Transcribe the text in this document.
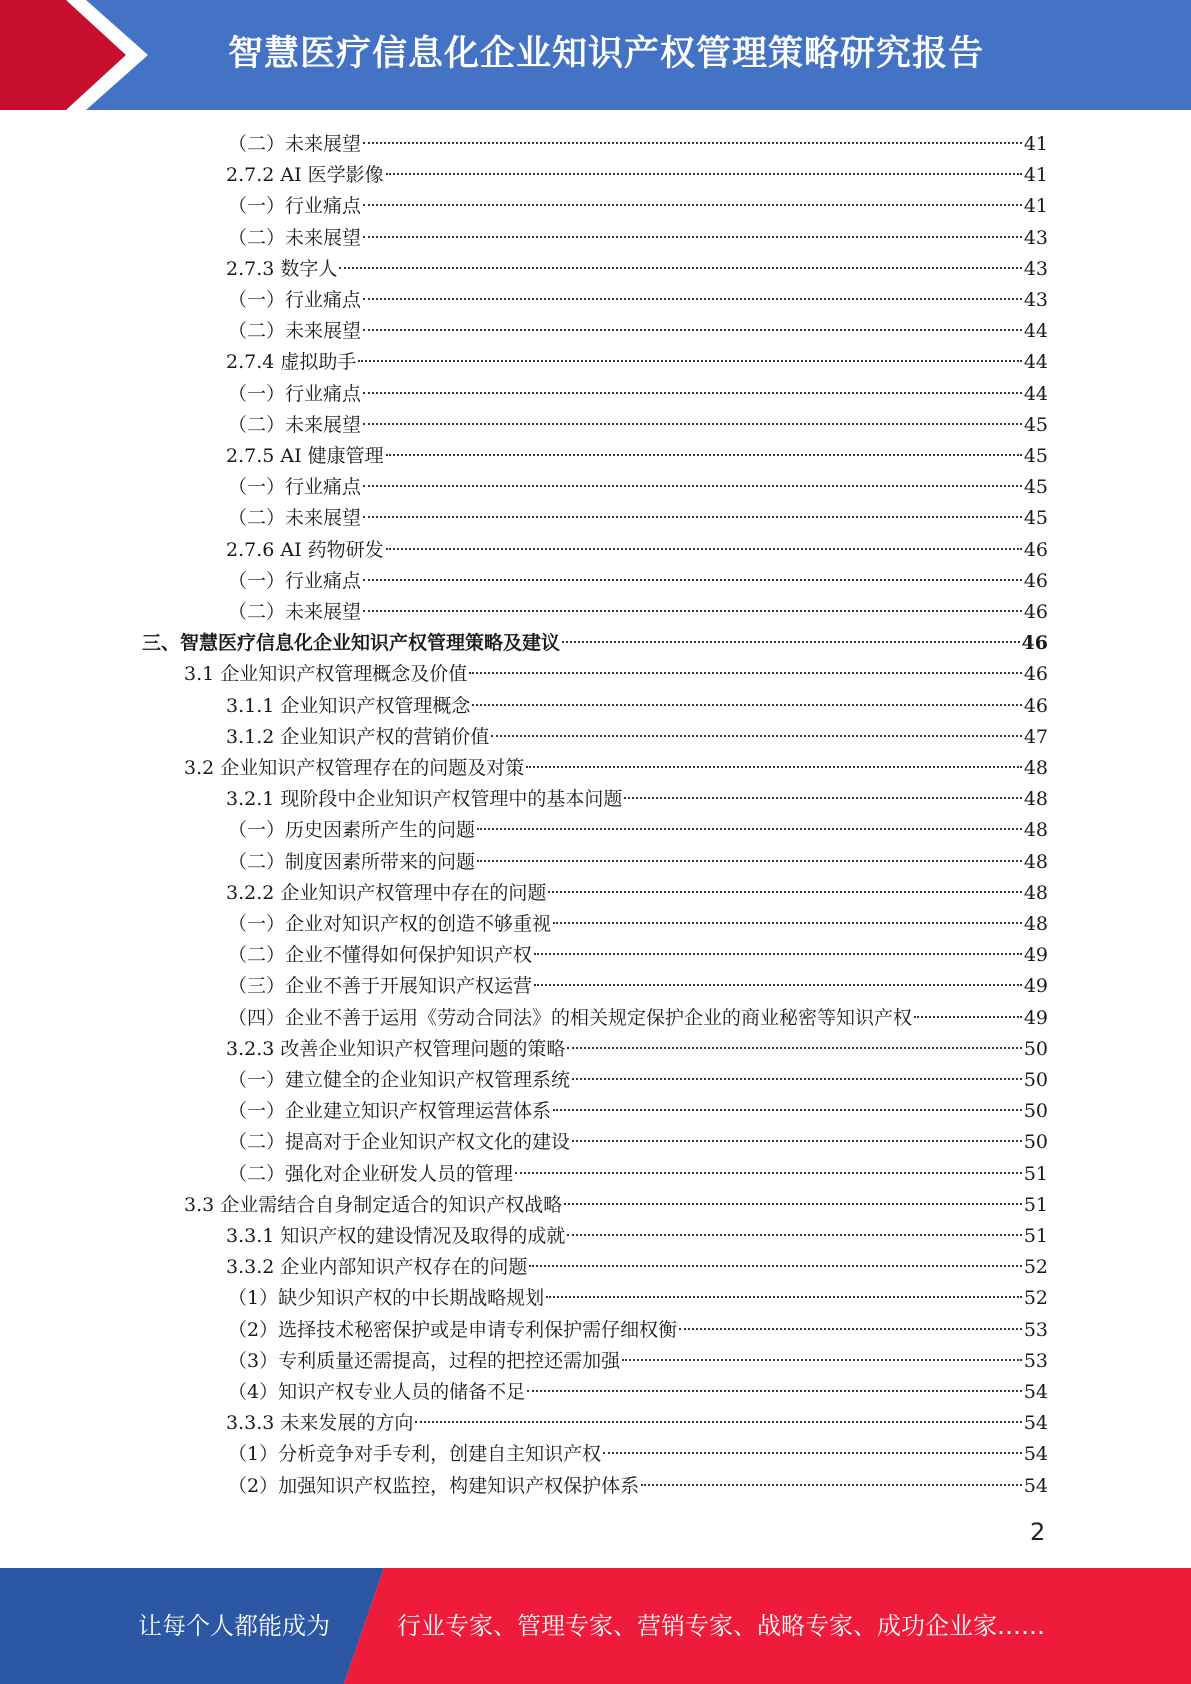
智慧医疗信息化企业知识产权管理策略研究报告
（二）未来展望	41
2.7.2 AI 医学影像	41
（一）行业痛点	41
（二）未来展望	43
2.7.3 数字人	43
（一）行业痛点	43
（二）未来展望	44
2.7.4 虚拟助手	44
（一）行业痛点	44
（二）未来展望	45
2.7.5 AI 健康管理	45
（一）行业痛点	45
（二）未来展望	45
2.7.6 AI 药物研发	46
（一）行业痛点	46
（二）未来展望	46
三、智慧医疗信息化企业知识产权管理策略及建议	46
3.1 企业知识产权管理概念及价值	46
3.1.1 企业知识产权管理概念	46
3.1.2 企业知识产权的营销价值	47
3.2 企业知识产权管理存在的问题及对策	48
3.2.1 现阶段中企业知识产权管理中的基本问题	48
（一）历史因素所产生的问题	48
（二）制度因素所带来的问题	48
3.2.2 企业知识产权管理中存在的问题	48
（一）企业对知识产权的创造不够重视	48
（二）企业不懂得如何保护知识产权	49
（三）企业不善于开展知识产权运营	49
（四）企业不善于运用《劳动合同法》的相关规定保护企业的商业秘密等知识产权	49
3.2.3 改善企业知识产权管理问题的策略	50
（一）建立健全的企业知识产权管理系统	50
（一）企业建立知识产权管理运营体系	50
（二）提高对于企业知识产权文化的建设	50
（二）强化对企业研发人员的管理	51
3.3 企业需结合自身制定适合的知识产权战略	51
3.3.1 知识产权的建设情况及取得的成就	51
3.3.2 企业内部知识产权存在的问题	52
（1）缺少知识产权的中长期战略规划	52
（2）选择技术秘密保护或是申请专利保护需仔细权衡	53
（3）专利质量还需提高，过程的把控还需加强	53
（4）知识产权专业人员的储备不足	54
3.3.3 未来发展的方向	54
（1）分析竞争对手专利，创建自主知识产权	54
（2）加强知识产权监控，构建知识产权保护体系	54
2
让每个人都能成为	行业专家、管理专家、营销专家、战略专家、成功企业家……
